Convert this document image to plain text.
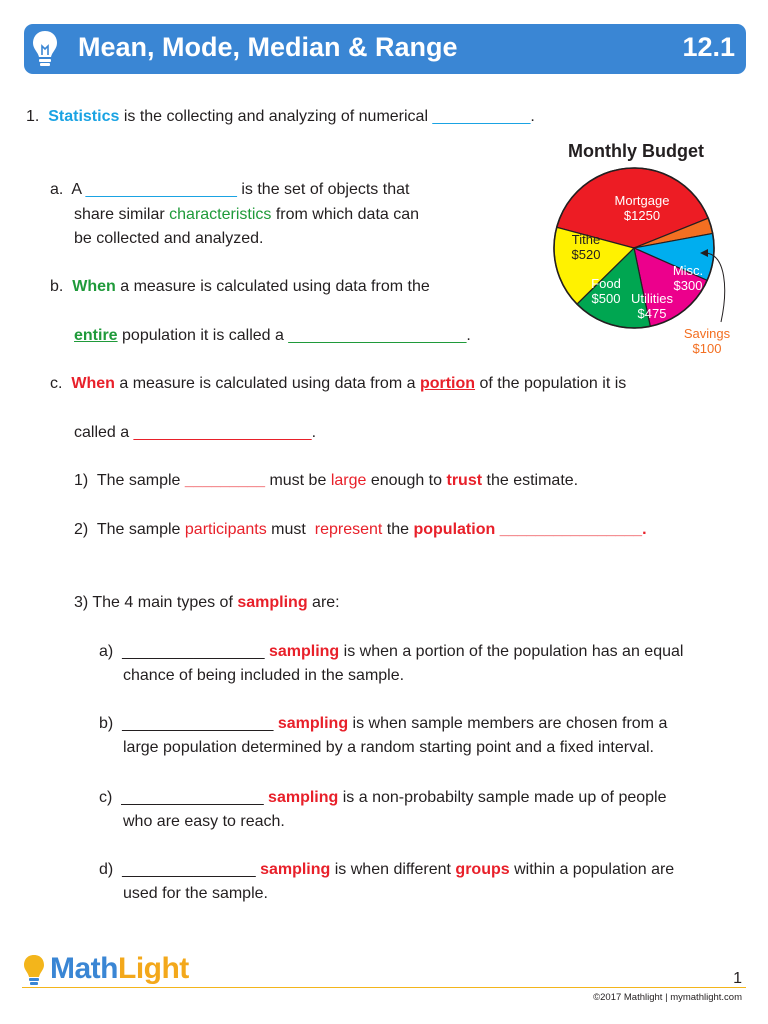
Mean, Mode, Median & Range	12.1
1. Statistics is the collecting and analyzing of numerical ___________.
a. A _________________ is the set of objects that
share similar characteristics from which data can
be collected and analyzed.
b. When a measure is calculated using data from the
entire population it is called a ____________________.
c. When a measure is calculated using data from a portion of the population it is
called a ____________________.
1) The sample _________ must be large enough to trust the estimate.
2) The sample participants must represent the population ________________.
3) The 4 main types of sampling are:
a) ________________ sampling is when a portion of the population has an equal
chance of being included in the sample.
b) _________________ sampling is when sample members are chosen from a
large population determined by a random starting point and a fixed interval.
c) ________________ sampling is a non-probabilty sample made up of people
who are easy to reach.
d) _______________ sampling is when different groups within a population are
used for the sample.
Monthly Budget
Mortgage
$1250
Misc.
$300
Utilities
$475
Food
$500
Tithe
$520
Savings
$100
MathLight	1
©2017 Mathlight | mymathlight.com
